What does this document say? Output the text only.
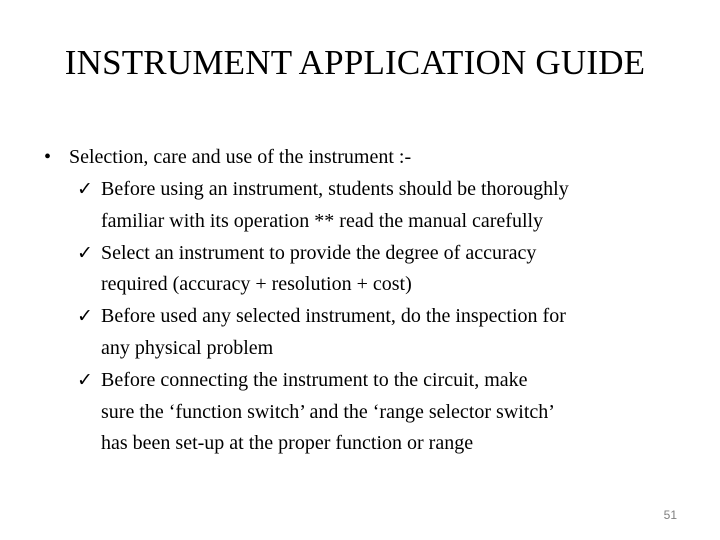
INSTRUMENT APPLICATION GUIDE
• Selection, care and use of the instrument :-
✓ Before using an instrument, students should be thoroughly
familiar with its operation ** read the manual carefully
✓ Select an instrument to provide the degree of accuracy
required (accuracy + resolution + cost)
✓ Before used any selected instrument, do the inspection for
any physical problem
✓ Before connecting the instrument to the circuit, make
sure the ‘function switch’ and the ‘range selector switch’
has been set-up at the proper function or range
51
